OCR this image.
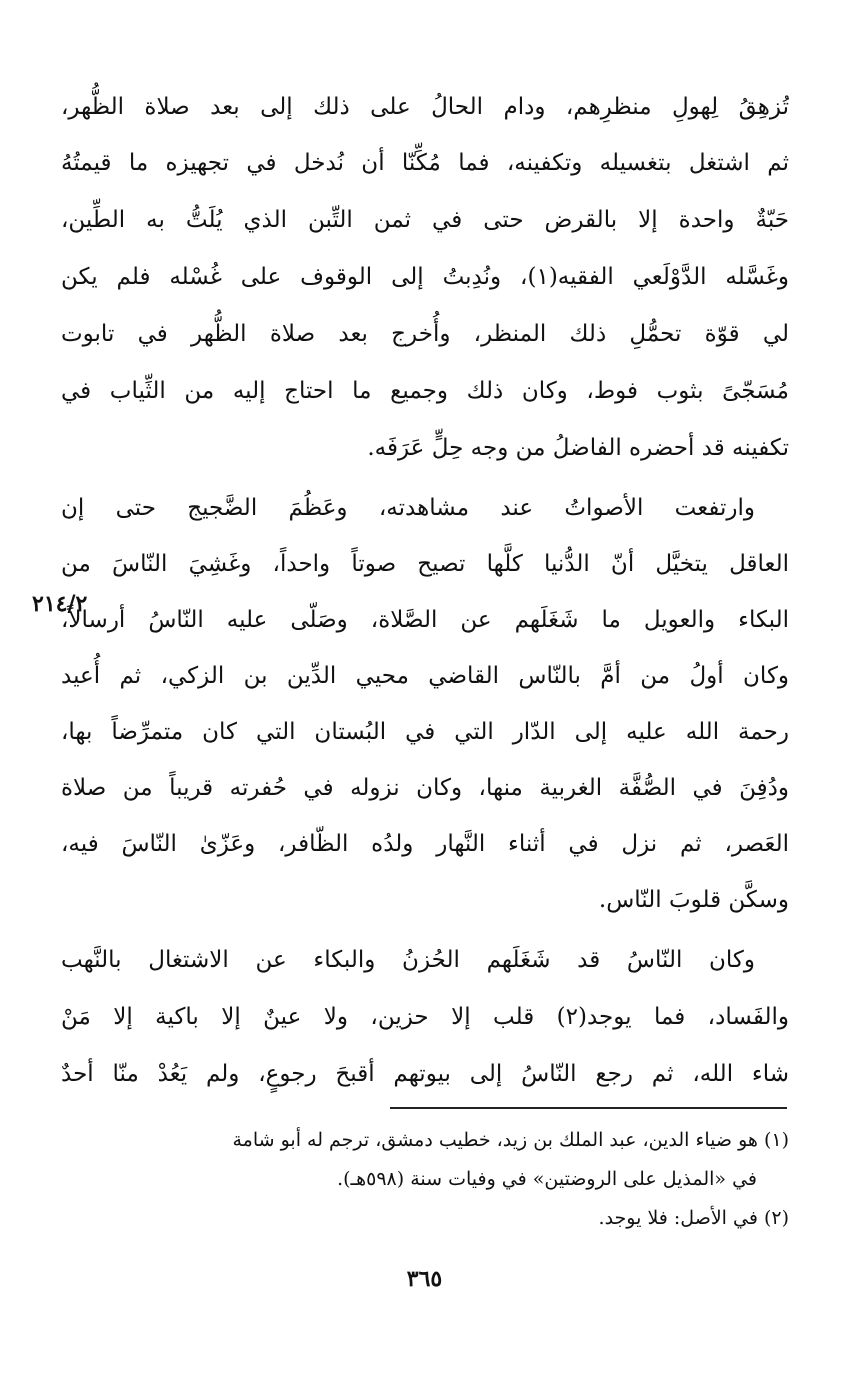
تُزهِقُ لِهولِ منظرِهم، ودام الحالُ على ذلك إلى بعد صلاة الظُّهر،
ثم اشتغل بتغسيله وتكفينه، فما مُكِّنّا أن نُدخل في تجهيزه ما قيمتُهُ
حَبّةٌ واحدة إلا بالقرض حتى في ثمن التِّبن الذي يُلَتُّ به الطِّين،
وغَسَّله الدَّوْلَعي الفقيه(١)، ونُدِبتُ إلى الوقوف على غُسْله فلم يكن
لي قوّة تحمُّلِ ذلك المنظر، وأُخرج بعد صلاة الظُّهر في تابوت
مُسَجّىً بثوب فوط، وكان ذلك وجميع ما احتاج إليه من الثِّياب في
تكفينه قد أحضره الفاضلُ من وجه حِلٍّ عَرَفَه.
وارتفعت الأصواتُ عند مشاهدته، وعَظُمَ الضَّجيج حتى إن
العاقل يتخيَّل أنّ الدُّنيا كلَّها تصيح صوتاً واحداً، وغَشِيَ النّاسَ من
البكاء والعويل ما شَغَلَهم عن الصَّلاة، وصَلّى عليه النّاسُ أرسالاً،
وكان أولُ من أمَّ بالنّاس القاضي محيي الدِّين بن الزكي، ثم أُعيد
رحمة الله عليه إلى الدّار التي في البُستان التي كان متمرِّضاً بها،
ودُفِنَ في الصُّفَّة الغربية منها، وكان نزوله في حُفرته قريباً من صلاة
العَصر، ثم نزل في أثناء النَّهار ولدُه الظّافر، وعَزّىٰ النّاسَ فيه،
وسكَّن قلوبَ النّاس.
وكان النّاسُ قد شَغَلَهم الحُزنُ والبكاء عن الاشتغال بالنَّهب
والفَساد، فما يوجد(٢) قلب إلا حزين، ولا عينٌ إلا باكية إلا مَنْ
شاء الله، ثم رجع النّاسُ إلى بيوتهم أقبحَ رجوعٍ، ولم يَعُدْ منّا أحدٌ
٢١٤/٢
(١) هو ضياء الدين، عبد الملك بن زيد، خطيب دمشق، ترجم له أبو شامة
في «المذيل على الروضتين» في وفيات سنة (٥٩٨هـ).
(٢) في الأصل: فلا يوجد.
٣٦٥
